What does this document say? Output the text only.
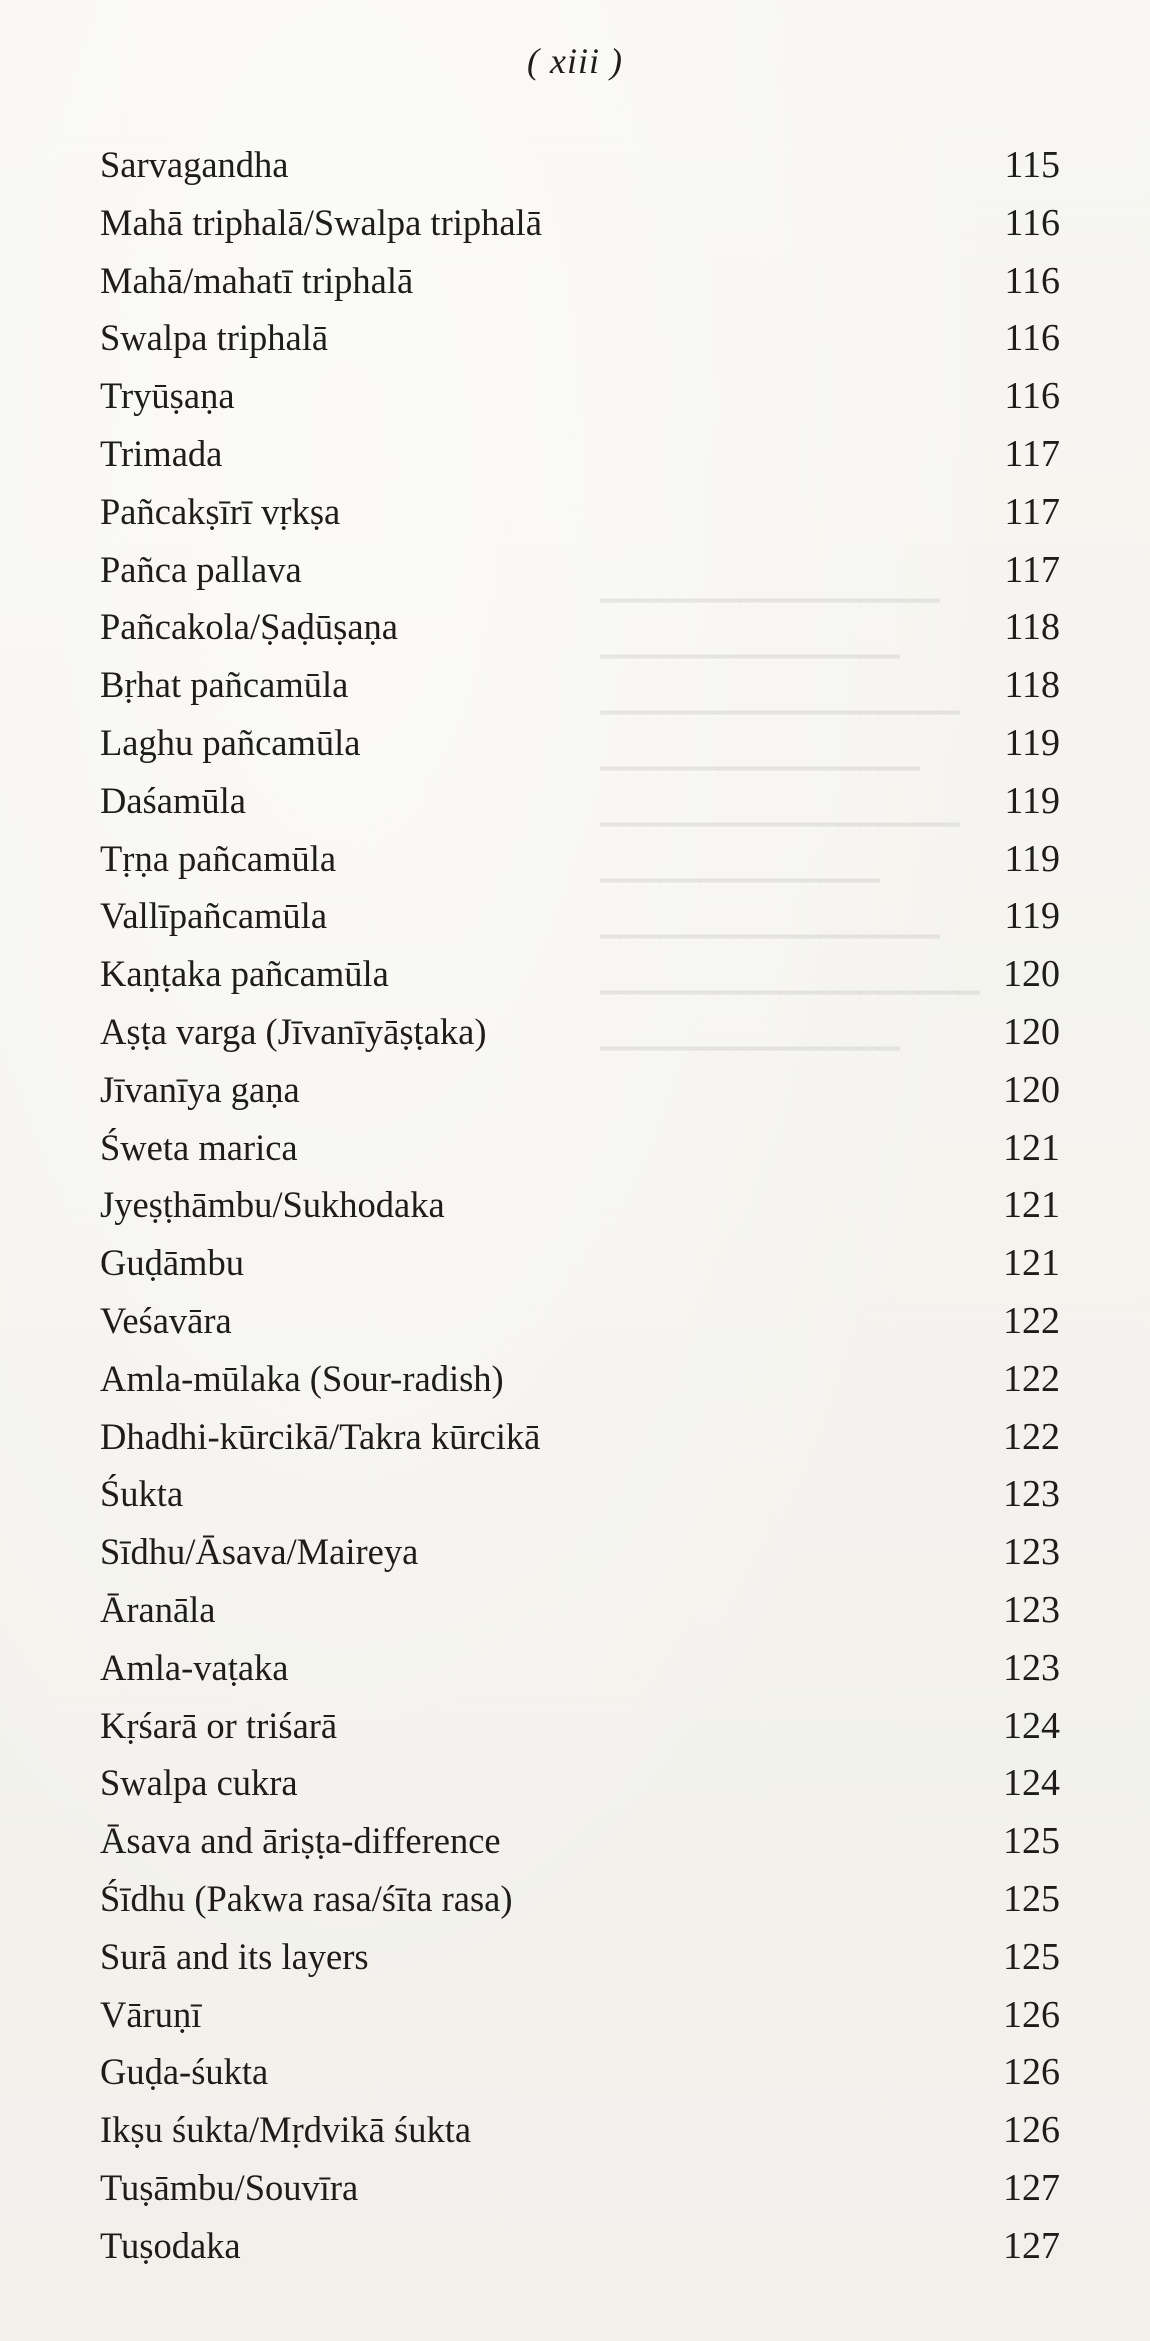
▁▁▁▁▁▁▁▁▁▁▁▁▁▁▁▁▁
▁▁▁▁▁▁▁▁▁▁▁▁▁▁▁
▁▁▁▁▁▁▁▁▁▁▁▁▁▁▁▁▁▁
▁▁▁▁▁▁▁▁▁▁▁▁▁▁▁▁
▁▁▁▁▁▁▁▁▁▁▁▁▁▁▁▁▁▁
▁▁▁▁▁▁▁▁▁▁▁▁▁▁
▁▁▁▁▁▁▁▁▁▁▁▁▁▁▁▁▁
▁▁▁▁▁▁▁▁▁▁▁▁▁▁▁▁▁▁▁
▁▁▁▁▁▁▁▁▁▁▁▁▁▁▁
( xiii )
Sarvagandha	115
Mahā triphalā/Swalpa triphalā	116
Mahā/mahatī triphalā	116
Swalpa triphalā	116
Tryūṣaṇa	116
Trimada	117
Pañcakṣīrī vṛkṣa	117
Pañca pallava	117
Pañcakola/Ṣaḍūṣaṇa	118
Bṛhat pañcamūla	118
Laghu pañcamūla	119
Daśamūla	119
Tṛṇa pañcamūla	119
Vallīpañcamūla	119
Kaṇṭaka pañcamūla	120
Aṣṭa varga (Jīvanīyāṣṭaka)	120
Jīvanīya gaṇa	120
Śweta marica	121
Jyeṣṭhāmbu/Sukhodaka	121
Guḍāmbu	121
Veśavāra	122
Amla-mūlaka (Sour-radish)	122
Dhadhi-kūrcikā/Takra kūrcikā	122
Śukta	123
Sīdhu/Āsava/Maireya	123
Āranāla	123
Amla-vaṭaka	123
Kṛśarā or triśarā	124
Swalpa cukra	124
Āsava and āriṣṭa-difference	125
Śīdhu (Pakwa rasa/śīta rasa)	125
Surā and its layers	125
Vāruṇī	126
Guḍa-śukta	126
Ikṣu śukta/Mṛdvikā śukta	126
Tuṣāmbu/Souvīra	127
Tuṣodaka	127
